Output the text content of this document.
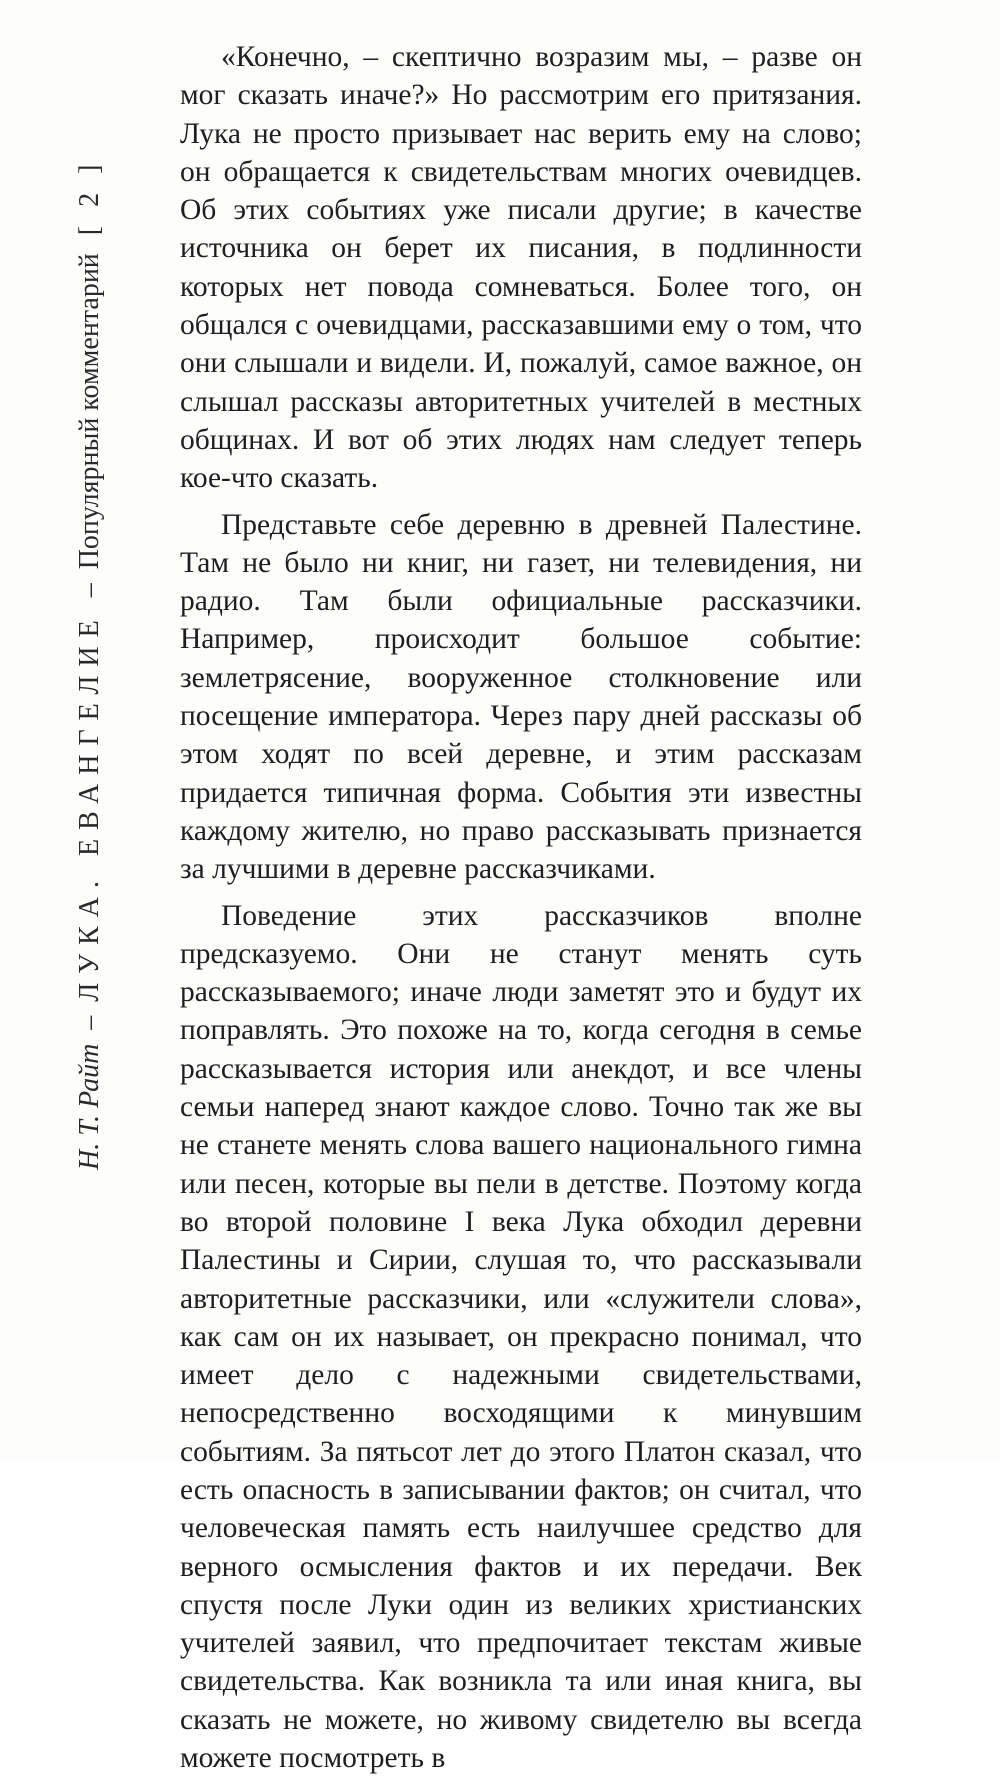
Н. Т. Райт
–
ЛУКА. ЕВАНГЕЛИЕ
–
Популярный комментарий
[ 2 ]

«Конечно, – скептично возразим мы, – разве он мог сказать иначе?» Но рассмотрим его притязания. Лука не просто призывает нас верить ему на слово; он обращается к свидетельствам многих очевидцев. Об этих событиях уже писали другие; в качестве источника он берет их писания, в подлинности которых нет повода сомневаться. Более того, он общался с очевидцами, рассказавшими ему о том, что они слышали и видели. И, пожалуй, самое важное, он слышал рассказы авторитетных учителей в местных общинах. И вот об этих людях нам следует теперь кое-что сказать.

Представьте себе деревню в древней Палестине. Там не было ни книг, ни газет, ни телевидения, ни радио. Там были официальные рассказчики. Например, происходит большое событие: землетрясение, вооруженное столкновение или посещение императора. Через пару дней рассказы об этом ходят по всей деревне, и этим рассказам придается типичная форма. События эти известны каждому жителю, но право рассказывать признается за лучшими в деревне рассказчиками.

Поведение этих рассказчиков вполне предсказуемо. Они не станут менять суть рассказываемого; иначе люди заметят это и будут их поправлять. Это похоже на то, когда сегодня в семье рассказывается история или анекдот, и все члены семьи наперед знают каждое слово. Точно так же вы не станете менять слова вашего национального гимна или песен, которые вы пели в детстве. Поэтому когда во второй половине I века Лука обходил деревни Палестины и Сирии, слушая то, что рассказывали авторитетные рассказчики, или «служители слова», как сам он их называет, он прекрасно понимал, что имеет дело с надежными свидетельствами, непосредственно восходящими к минувшим событиям. За пятьсот лет до этого Платон сказал, что есть опасность в записывании фактов; он считал, что человеческая память есть наилучшее средство для верного осмысления фактов и их передачи. Век спустя после Луки один из великих христианских учителей заявил, что предпочитает текстам живые свидетельства. Как возникла та или иная книга, вы сказать не можете, но живому свидетелю вы всегда можете посмотреть в
